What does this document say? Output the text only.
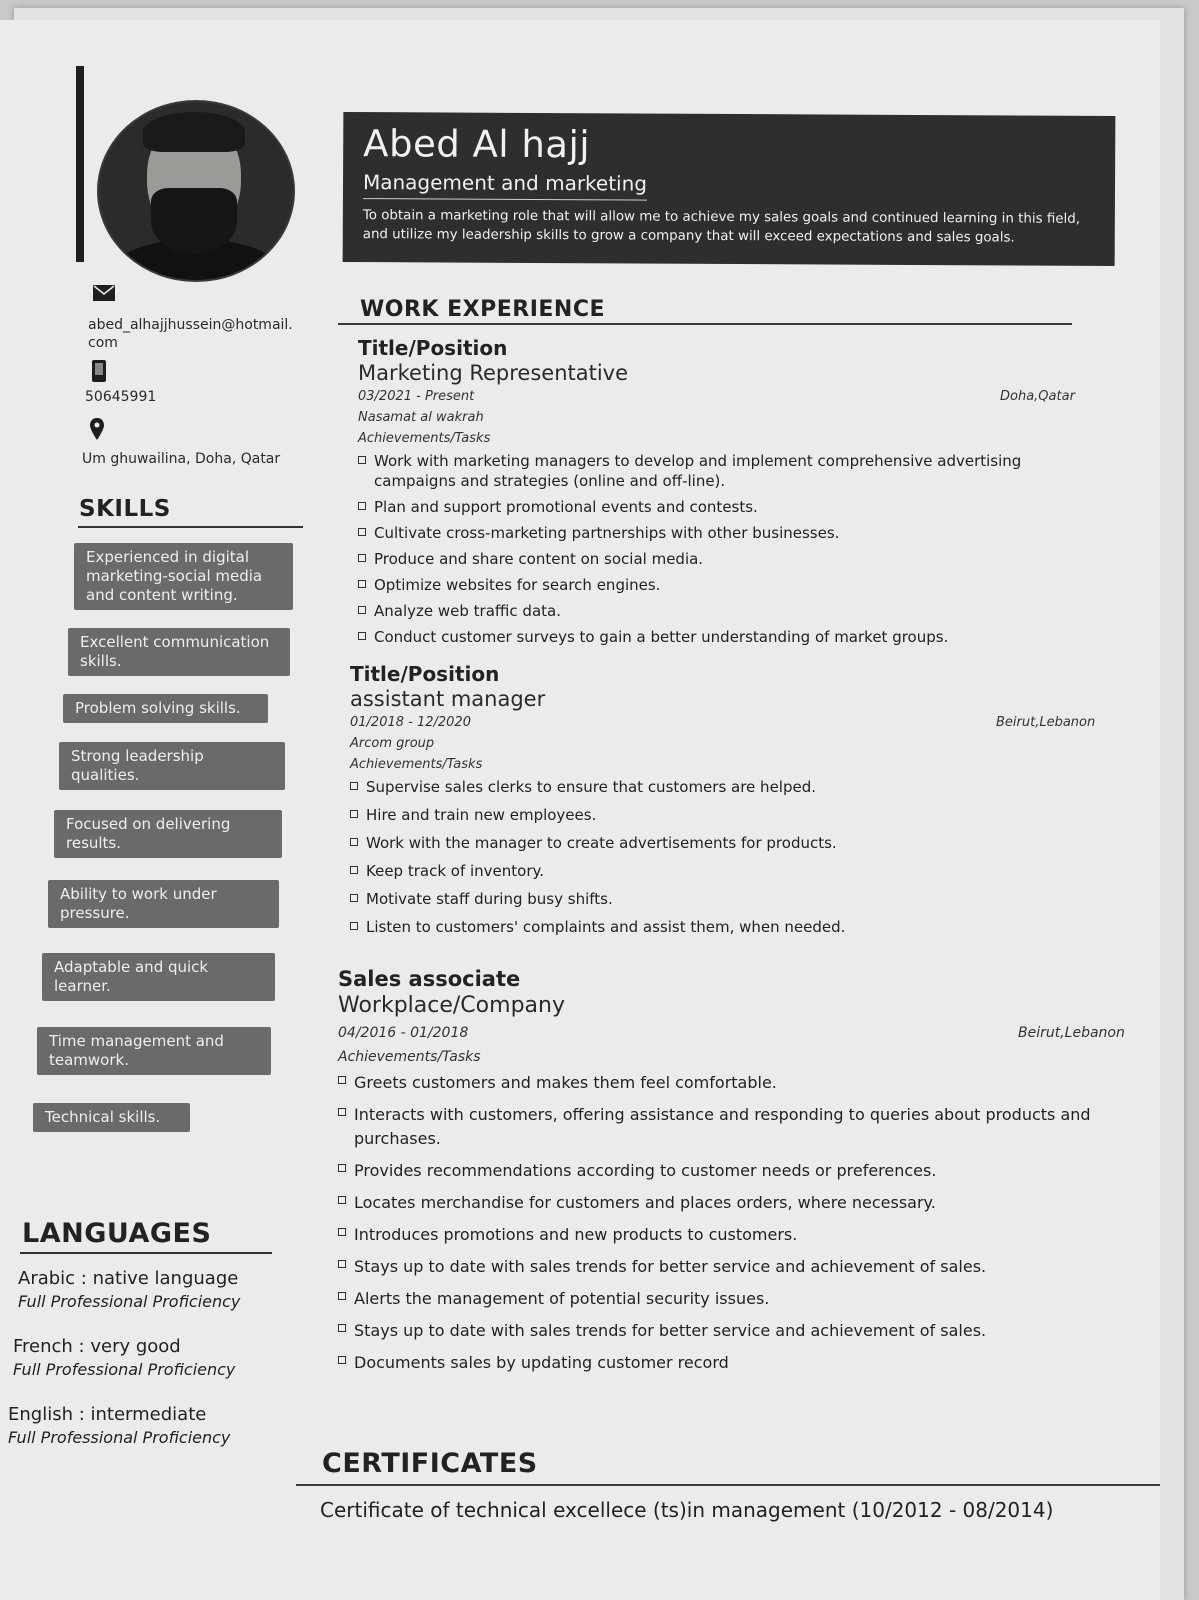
Abed Al hajj
Management and marketing
To obtain a marketing role that will allow me to achieve my sales goals and continued learning in this field, and utilize my leadership skills to grow a company that will exceed expectations and sales goals.
abed_alhajjhussein@hotmail.
com
50645991
Um ghuwailina, Doha, Qatar
SKILLS
Experienced in digital marketing-social media and content writing.
Excellent communication skills.
Problem solving skills.
Strong leadership qualities.
Focused on delivering results.
Ability to work under pressure.
Adaptable and quick learner.
Time management and teamwork.
Technical skills.
LANGUAGES
Arabic : native language
Full Professional Proficiency
French : very good
Full Professional Proficiency
English : intermediate
Full Professional Proficiency
WORK EXPERIENCE
Title/Position
Marketing Representative
03/2021 - Present	Doha,Qatar
Nasamat al wakrah
Achievements/Tasks
Work with marketing managers to develop and implement comprehensive advertising campaigns and strategies (online and off-line).
Plan and support promotional events and contests.
Cultivate cross-marketing partnerships with other businesses.
Produce and share content on social media.
Optimize websites for search engines.
Analyze web traffic data.
Conduct customer surveys to gain a better understanding of market groups.
Title/Position
assistant manager
01/2018 - 12/2020	Beirut,Lebanon
Arcom group
Achievements/Tasks
Supervise sales clerks to ensure that customers are helped.
Hire and train new employees.
Work with the manager to create advertisements for products.
Keep track of inventory.
Motivate staff during busy shifts.
Listen to customers' complaints and assist them, when needed.
Sales associate
Workplace/Company
04/2016 - 01/2018	Beirut,Lebanon
Achievements/Tasks
Greets customers and makes them feel comfortable.
Interacts with customers, offering assistance and responding to queries about products and purchases.
Provides recommendations according to customer needs or preferences.
Locates merchandise for customers and places orders, where necessary.
Introduces promotions and new products to customers.
Stays up to date with sales trends for better service and achievement of sales.
Alerts the management of potential security issues.
Stays up to date with sales trends for better service and achievement of sales.
Documents sales by updating customer record
CERTIFICATES
Certificate of technical excellece (ts)in management (10/2012 - 08/2014)
